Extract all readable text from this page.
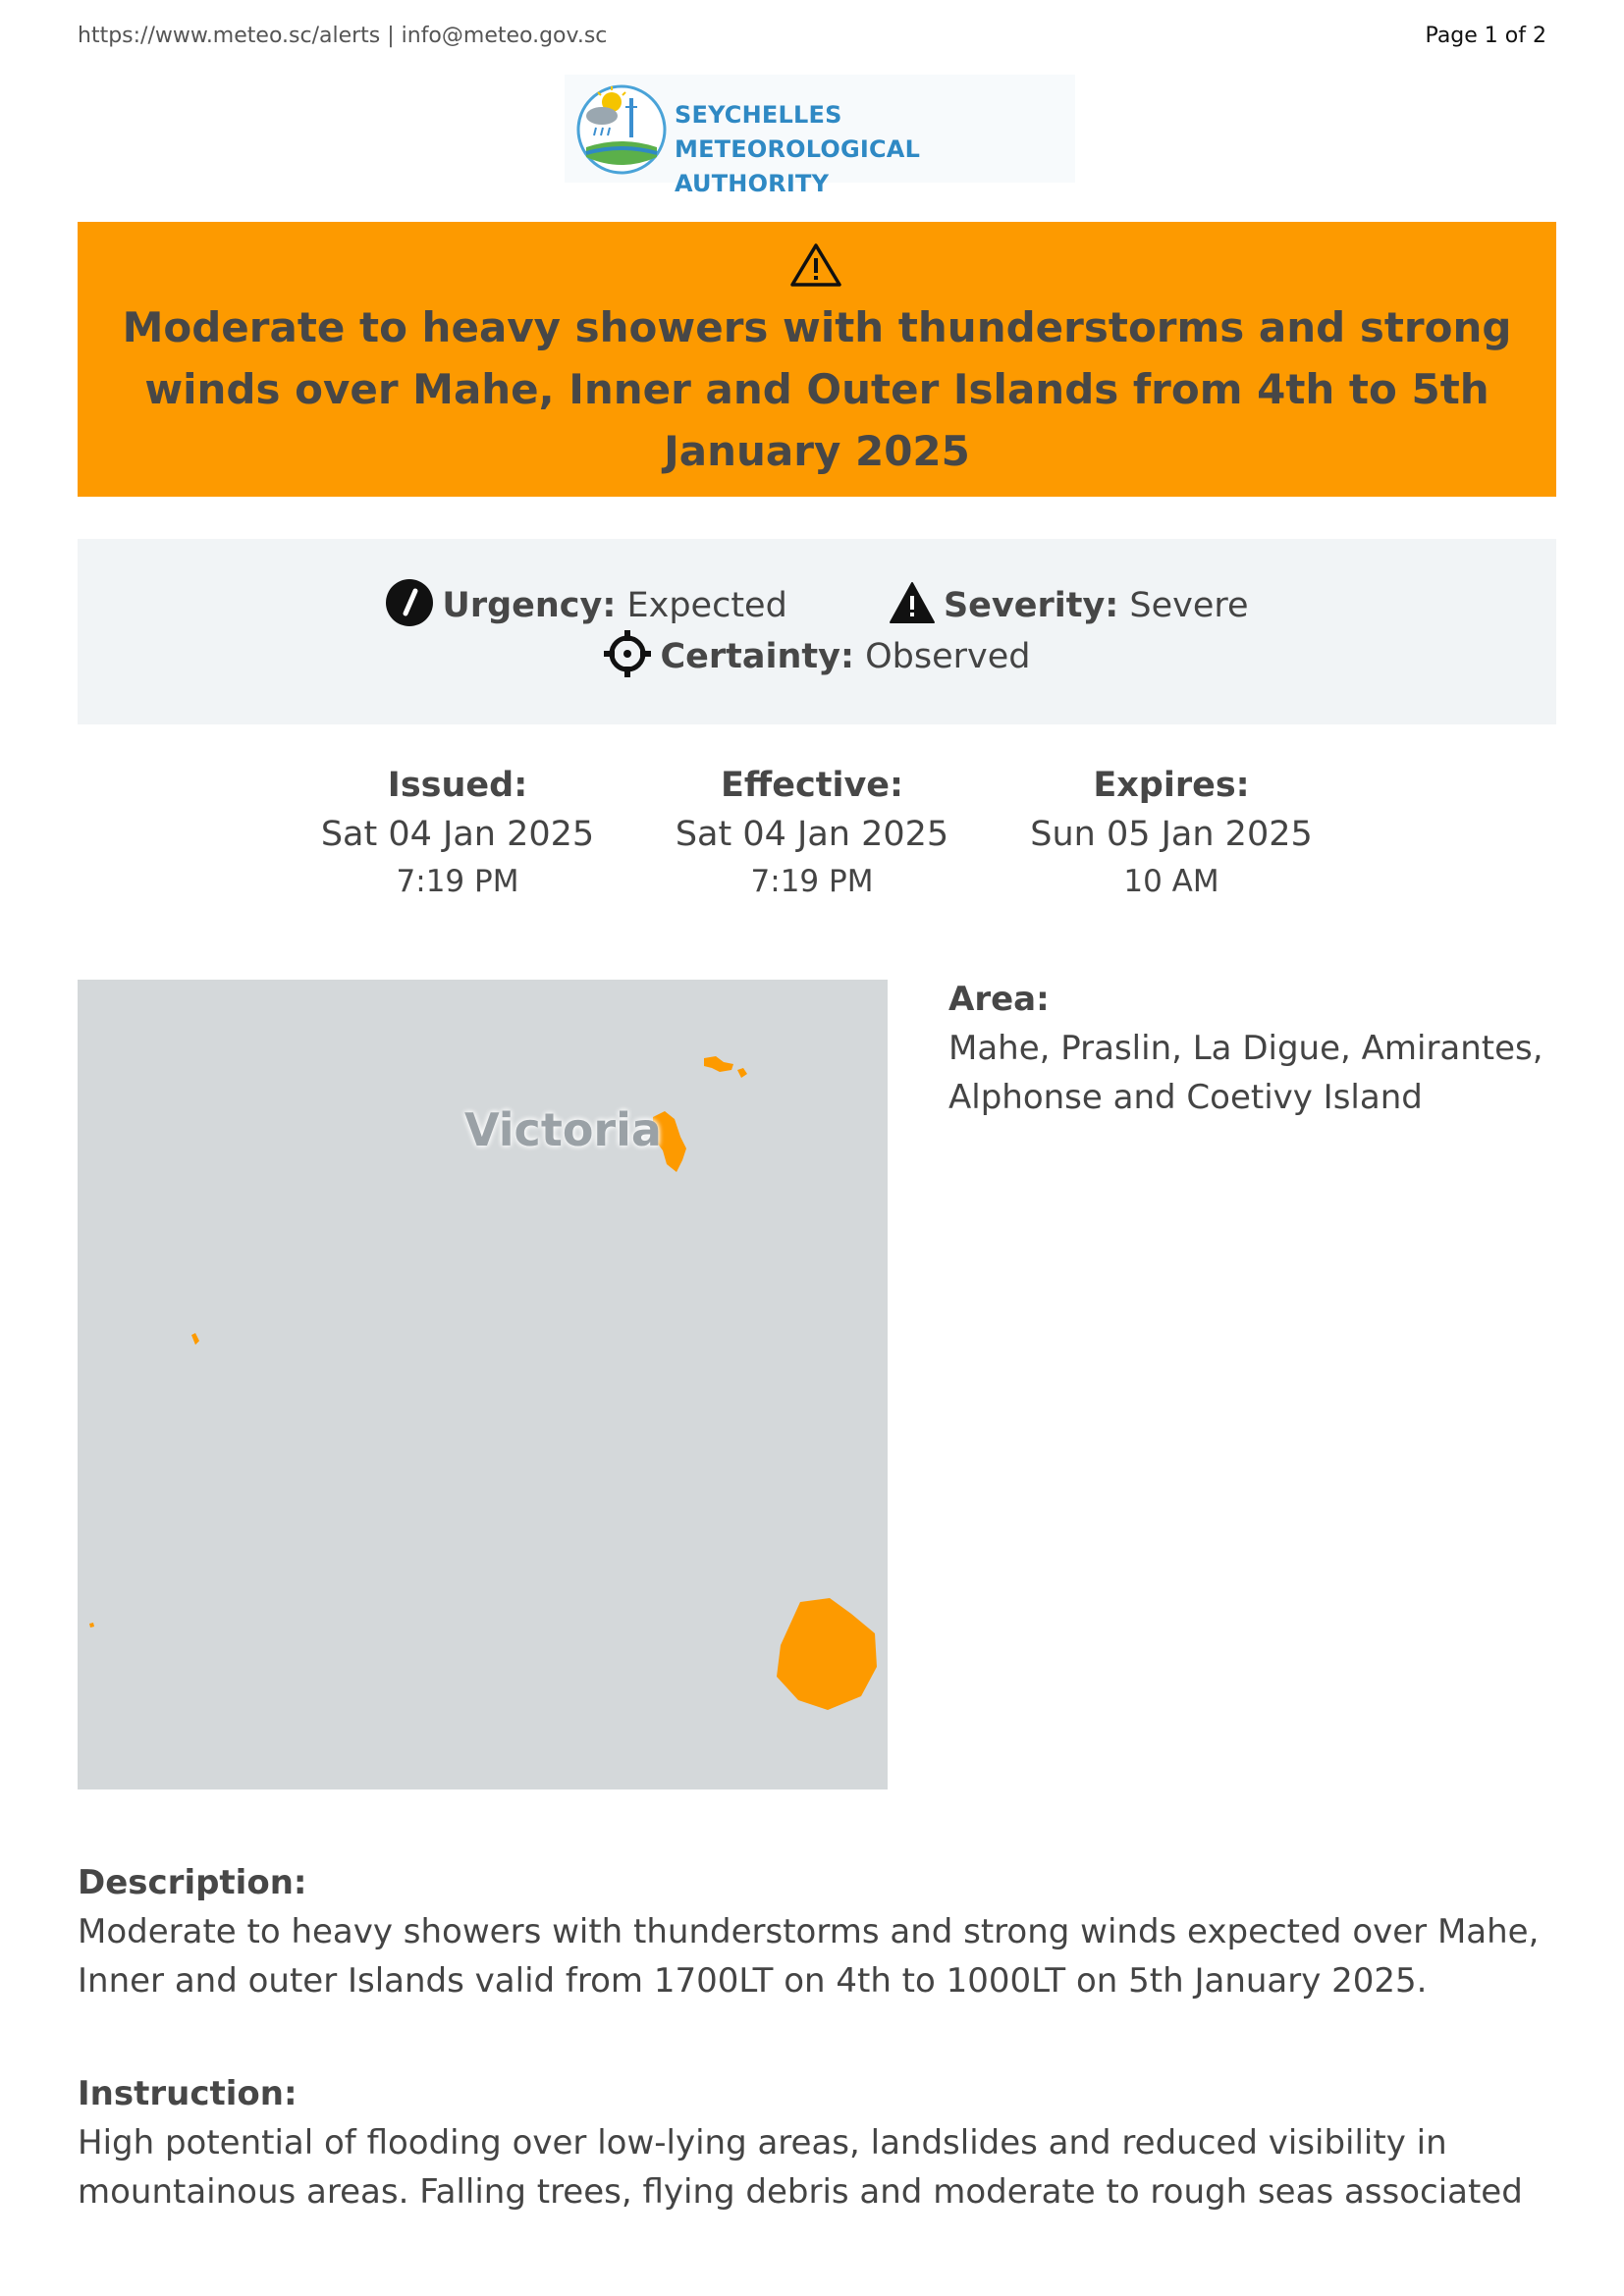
https://www.meteo.sc/alerts | info@meteo.gov.sc	Page 1 of 2
SEYCHELLES METEOROLOGICAL
AUTHORITY
Moderate to heavy showers with thunderstorms and strong winds over Mahe, Inner and Outer Islands from 4th to 5th January 2025
Urgency: Expected	Severity: Severe
Certainty: Observed
Issued:
Sat 04 Jan 2025
7:19 PM
Effective:
Sat 04 Jan 2025
7:19 PM
Expires:
Sun 05 Jan 2025
10 AM
Victoria
Area:
Mahe, Praslin, La Digue, Amirantes, Alphonse and Coetivy Island
Description:
Moderate to heavy showers with thunderstorms and strong winds expected over Mahe, Inner and outer Islands valid from 1700LT on 4th to 1000LT on 5th January 2025.
Instruction:
High potential of flooding over low-lying areas, landslides and reduced visibility in mountainous areas. Falling trees, flying debris and moderate to rough seas associated
